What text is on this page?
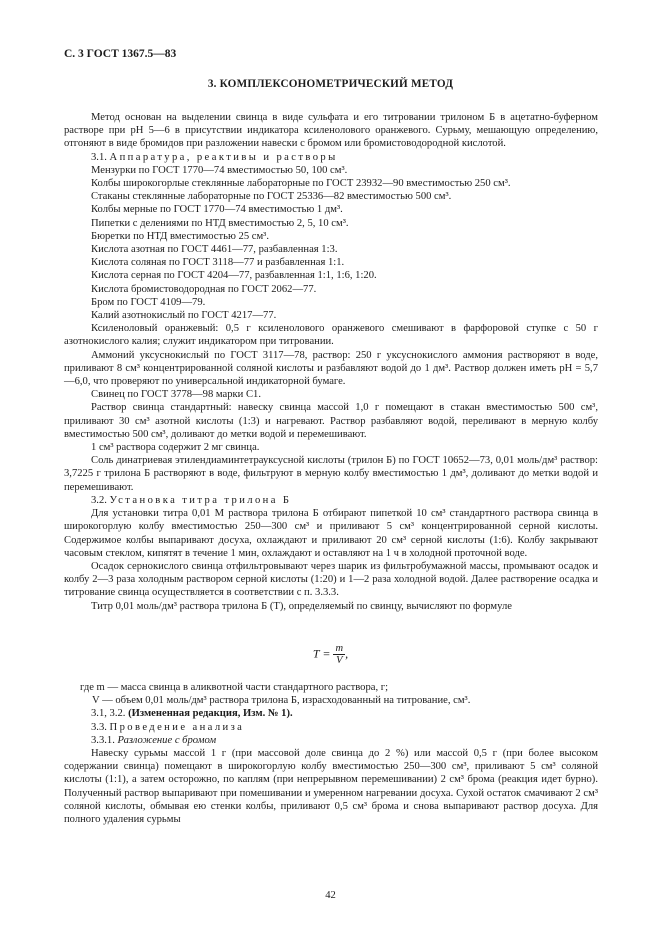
С. 3 ГОСТ 1367.5—83
3. КОМПЛЕКСОНОМЕТРИЧЕСКИЙ МЕТОД

Метод основан на выделении свинца в виде сульфата и его титровании трилоном Б в ацетатно-буферном растворе при pH 5—6 в присутствии индикатора ксиленолового оранжевого. Сурьму, мешающую определению, отгоняют в виде бромидов при разложении навески с бромом или бромистоводородной кислотой.

3.1. Аппаратура, реактивы и растворы

Мензурки по ГОСТ 1770—74 вместимостью 50, 100 см³.

Колбы широкогорлые стеклянные лабораторные по ГОСТ 23932—90 вместимостью 250 см³.

Стаканы стеклянные лабораторные по ГОСТ 25336—82 вместимостью 500 см³.

Колбы мерные по ГОСТ 1770—74 вместимостью 1 дм³.

Пипетки с делениями по НТД вместимостью 2, 5, 10 см³.

Бюретки по НТД вместимостью 25 см³.

Кислота азотная по ГОСТ 4461—77, разбавленная 1:3.

Кислота соляная по ГОСТ 3118—77 и разбавленная 1:1.

Кислота серная по ГОСТ 4204—77, разбавленная 1:1, 1:6, 1:20.

Кислота бромистоводородная по ГОСТ 2062—77.

Бром по ГОСТ 4109—79.

Калий азотнокислый по ГОСТ 4217—77.

Ксиленоловый оранжевый: 0,5 г ксиленолового оранжевого смешивают в фарфоровой ступке с 50 г азотнокислого калия; служит индикатором при титровании.

Аммоний уксуснокислый по ГОСТ 3117—78, раствор: 250 г уксуснокислого аммония растворяют в воде, приливают 8 см³ концентрированной соляной кислоты и разбавляют водой до 1 дм³. Раствор должен иметь pH = 5,7—6,0, что проверяют по универсальной индикаторной бумаге.

Свинец по ГОСТ 3778—98 марки С1.

Раствор свинца стандартный: навеску свинца массой 1,0 г помещают в стакан вместимостью 500 см³, приливают 30 см³ азотной кислоты (1:3) и нагревают. Раствор разбавляют водой, переливают в мерную колбу вместимостью 500 см³, доливают до метки водой и перемешивают.

1 см³ раствора содержит 2 мг свинца.

Соль динатриевая этилендиаминтетрауксусной кислоты (трилон Б) по ГОСТ 10652—73, 0,01 моль/дм³ раствор: 3,7225 г трилона Б растворяют в воде, фильтруют в мерную колбу вместимостью 1 дм³, доливают до метки водой и перемешивают.

3.2. Установка титра трилона Б

Для установки титра 0,01 М раствора трилона Б отбирают пипеткой 10 см³ стандартного раствора свинца в широкогорлую колбу вместимостью 250—300 см³ и приливают 5 см³ концентрированной серной кислоты. Содержимое колбы выпаривают досуха, охлаждают и приливают 20 см³ серной кислоты (1:6). Колбу закрывают часовым стеклом, кипятят в течение 1 мин, охлаждают и оставляют на 1 ч в холодной проточной воде.

Осадок сернокислого свинца отфильтровывают через шарик из фильтробумажной массы, промывают осадок и колбу 2—3 раза холодным раствором серной кислоты (1:20) и 1—2 раза холодной водой. Далее растворение осадка и титрование свинца осуществляется в соответствии с п. 3.3.3.

Титр 0,01 моль/дм³ раствора трилона Б (T), определяемый по свинцу, вычисляют по формуле

$T = \frac{m}{V}$ ,

где m — масса свинца в аликвотной части стандартного раствора, г;

V — объем 0,01 моль/дм³ раствора трилона Б, израсходованный на титрование, см³.

3.1, 3.2. (Измененная редакция, Изм. № 1).

3.3. Проведение анализа

3.3.1. Разложение с бромом

Навеску сурьмы массой 1 г (при массовой доле свинца до 2 %) или массой 0,5 г (при более высоком содержании свинца) помещают в широкогорлую колбу вместимостью 250—300 см³, приливают 5 см³ соляной кислоты (1:1), а затем осторожно, по каплям (при непрерывном перемешивании) 2 см³ брома (реакция идет бурно). Полученный раствор выпаривают при помешивании и умеренном нагревании досуха. Сухой остаток смачивают 2 см³ соляной кислоты, обмывая ею стенки колбы, приливают 0,5 см³ брома и снова выпаривают раствор досуха. Для полного удаления сурьмы

42
